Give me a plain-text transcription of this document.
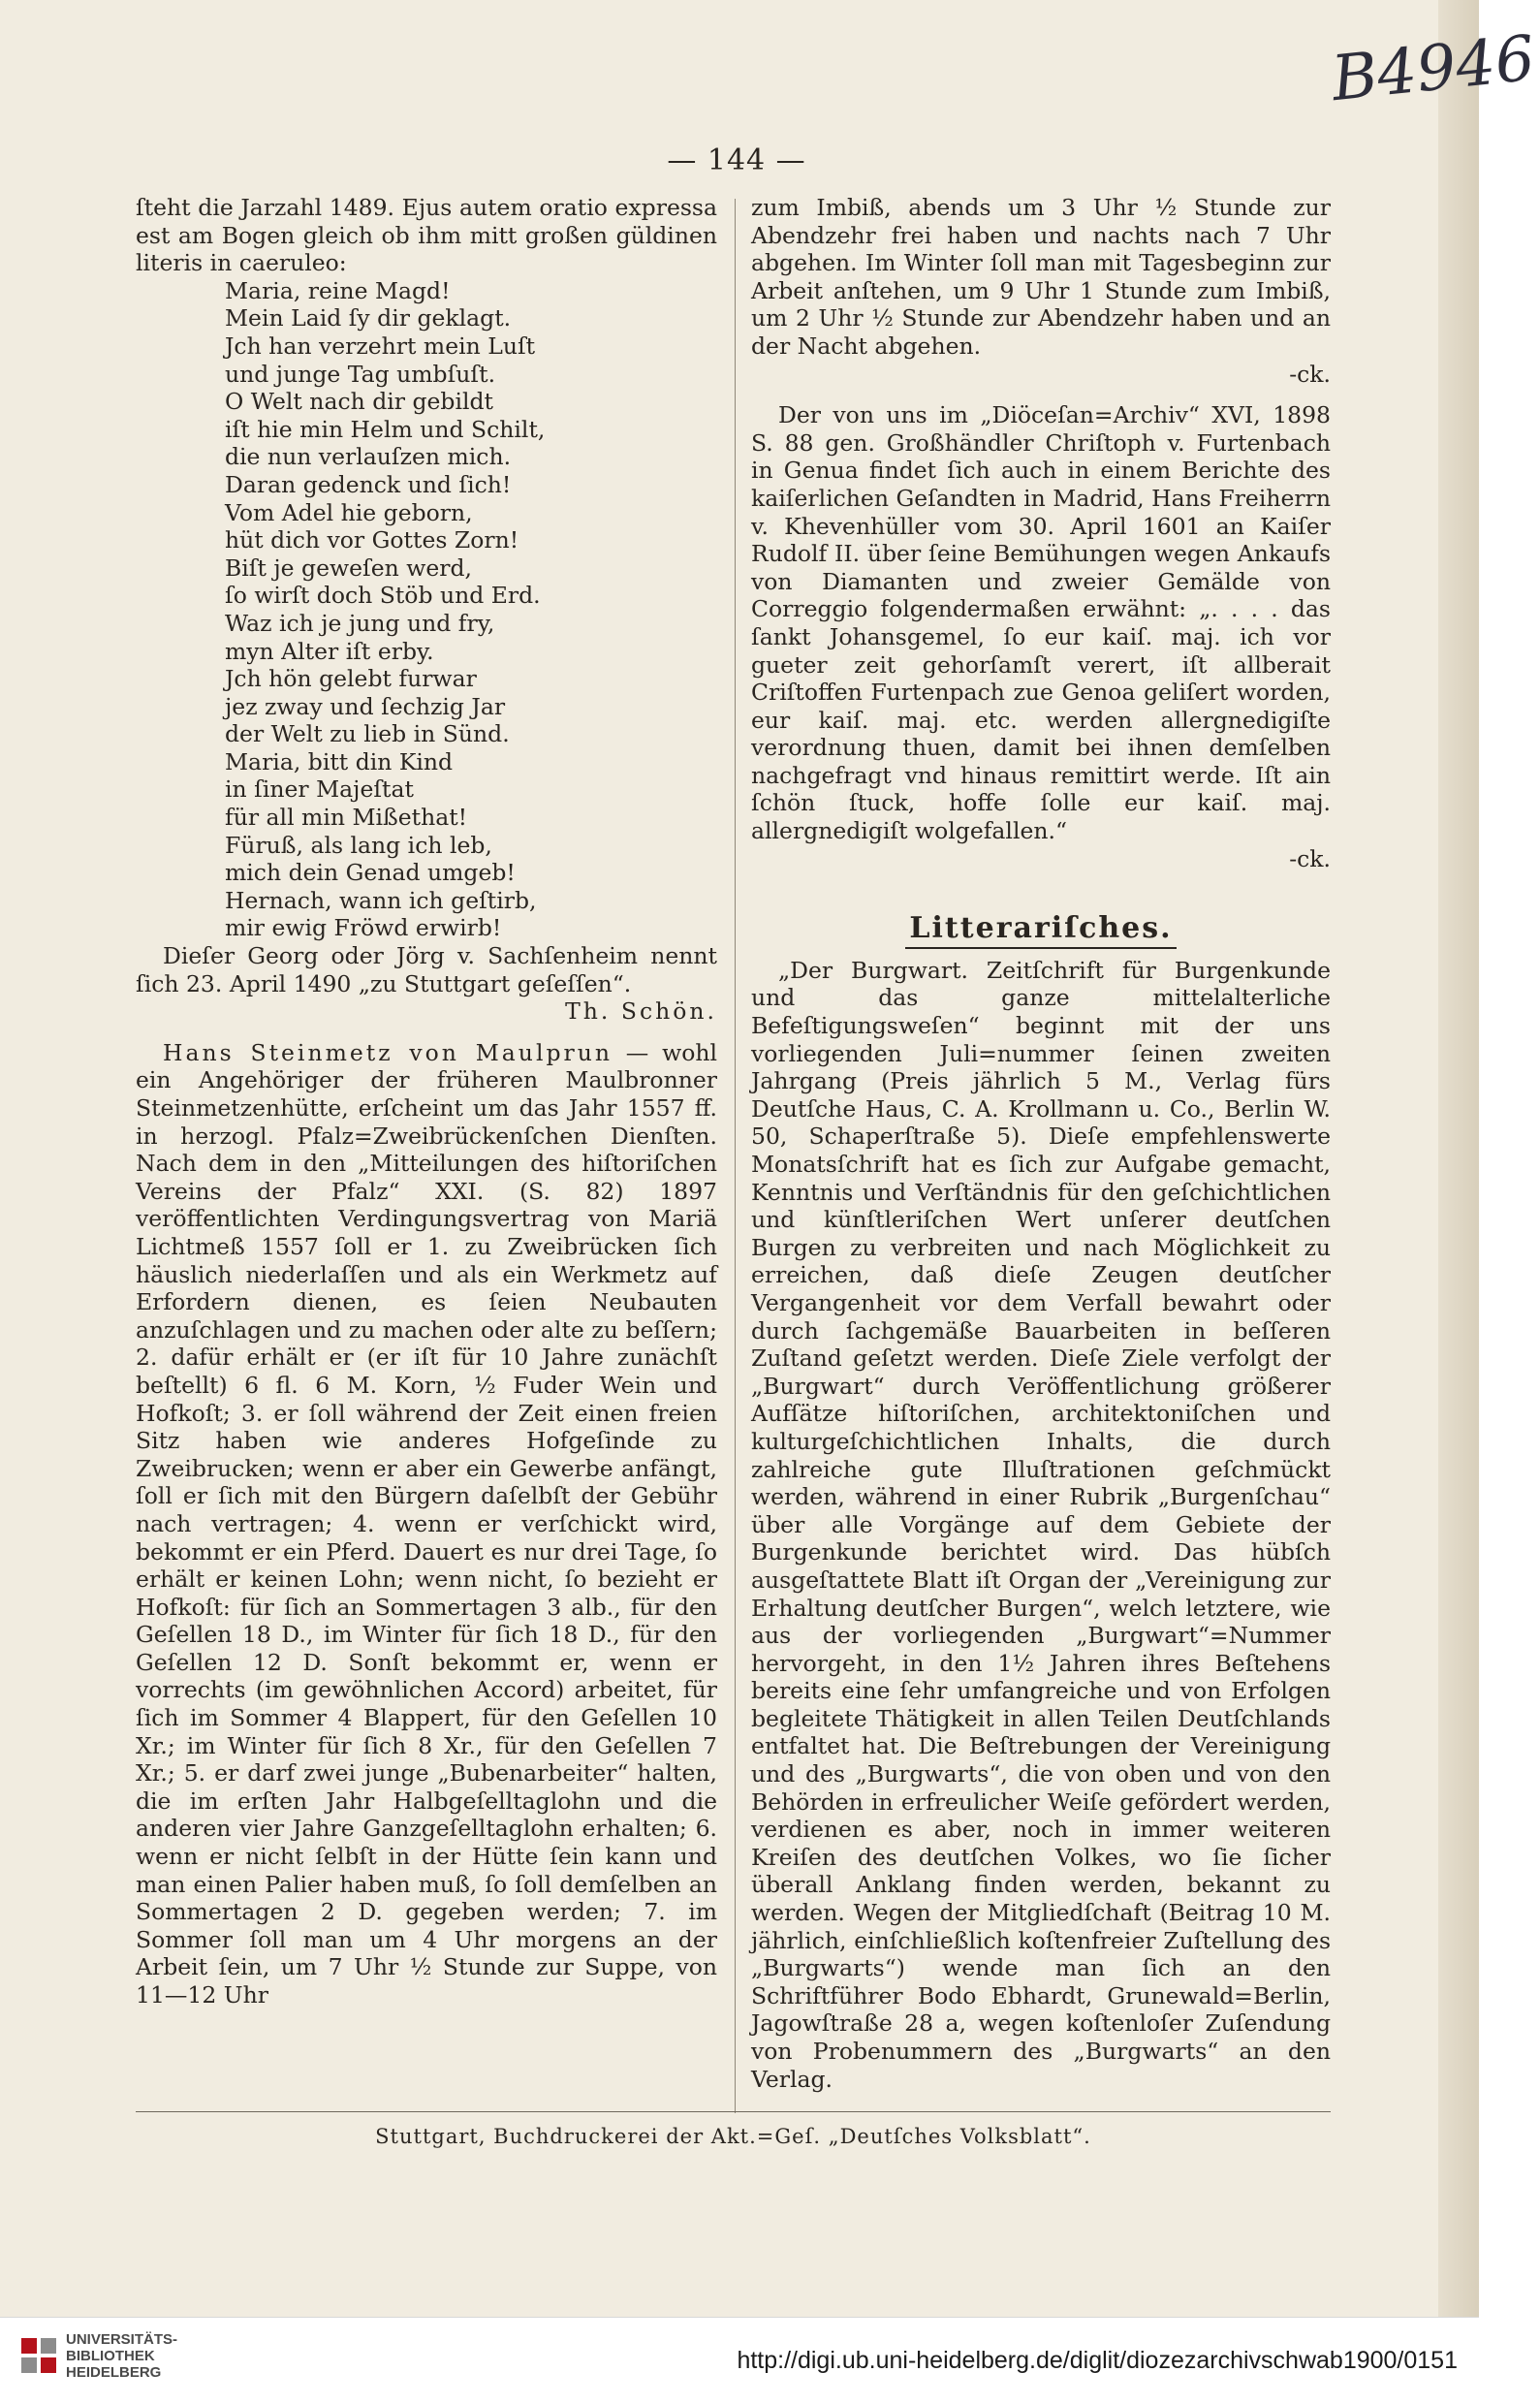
B4946
— 144 —

ſteht die Jarzahl 1489. Ejus autem oratio expressa est am Bogen gleich ob ihm mitt großen güldinen literis in caeruleo:

Maria, reine Magd!
Mein Laid ſy dir geklagt.
Jch han verzehrt mein Luſt
und junge Tag umbſuſt.
O Welt nach dir gebildt
iſt hie min Helm und Schilt,
die nun verlauſzen mich.
Daran gedenck und ſich!
Vom Adel hie geborn,
hüt dich vor Gottes Zorn!
Biſt je geweſen werd,
ſo wirſt doch Stöb und Erd.
Waz ich je jung und fry,
myn Alter iſt erby.
Jch hön gelebt furwar
jez zway und ſechzig Jar
der Welt zu lieb in Sünd.
Maria, bitt din Kind
in ſiner Majeſtat
für all min Mißethat!
Füruß, als lang ich leb,
mich dein Genad umgeb!
Hernach, wann ich geſtirb,
mir ewig Fröwd erwirb!

Dieſer Georg oder Jörg v. Sachſenheim nennt ſich 23. April 1490 „zu Stuttgart geſeſſen“.

Th. Schön.

Hans Steinmetz von Maulprun — wohl ein Angehöriger der früheren Maulbronner Steinmetzenhütte, erſcheint um das Jahr 1557 ff. in herzogl. Pfalz=Zweibrückenſchen Dienſten. Nach dem in den „Mitteilungen des hiſtoriſchen Vereins der Pfalz“ XXI. (S. 82) 1897 veröffentlichten Verdingungsvertrag von Mariä Lichtmeß 1557 ſoll er 1. zu Zweibrücken ſich häuslich niederlaſſen und als ein Werkmetz auf Erfordern dienen, es ſeien Neubauten anzuſchlagen und zu machen oder alte zu beſſern; 2. dafür erhält er (er iſt für 10 Jahre zunächſt beſtellt) 6 fl. 6 M. Korn, ½ Fuder Wein und Hofkoſt; 3. er ſoll während der Zeit einen freien Sitz haben wie anderes Hofgeſinde zu Zweibrucken; wenn er aber ein Gewerbe anfängt, ſoll er ſich mit den Bürgern daſelbſt der Gebühr nach vertragen; 4. wenn er verſchickt wird, bekommt er ein Pferd. Dauert es nur drei Tage, ſo erhält er keinen Lohn; wenn nicht, ſo bezieht er Hofkoſt: für ſich an Sommertagen 3 alb., für den Geſellen 18 D., im Winter für ſich 18 D., für den Geſellen 12 D. Sonſt bekommt er, wenn er vorrechts (im gewöhnlichen Accord) arbeitet, für ſich im Sommer 4 Blappert, für den Geſellen 10 Xr.; im Winter für ſich 8 Xr., für den Geſellen 7 Xr.; 5. er darf zwei junge „Bubenarbeiter“ halten, die im erſten Jahr Halbgeſelltaglohn und die anderen vier Jahre Ganzgeſelltaglohn erhalten; 6. wenn er nicht ſelbſt in der Hütte ſein kann und man einen Palier haben muß, ſo ſoll demſelben an Sommertagen 2 D. gegeben werden; 7. im Sommer ſoll man um 4 Uhr morgens an der Arbeit ſein, um 7 Uhr ½ Stunde zur Suppe, von 11—12 Uhr

zum Imbiß, abends um 3 Uhr ½ Stunde zur Abendzehr frei haben und nachts nach 7 Uhr abgehen. Im Winter ſoll man mit Tagesbeginn zur Arbeit anſtehen, um 9 Uhr 1 Stunde zum Imbiß, um 2 Uhr ½ Stunde zur Abendzehr haben und an der Nacht abgehen.

-ck.

Der von uns im „Diöceſan=Archiv“ XVI, 1898 S. 88 gen. Großhändler Chriſtoph v. Furtenbach in Genua findet ſich auch in einem Berichte des kaiſerlichen Geſandten in Madrid, Hans Freiherrn v. Khevenhüller vom 30. April 1601 an Kaiſer Rudolf II. über ſeine Bemühungen wegen Ankaufs von Diamanten und zweier Gemälde von Correggio folgendermaßen erwähnt: „. . . . das ſankt Johansgemel, ſo eur kaiſ. maj. ich vor gueter zeit gehorſamſt verert, iſt allberait Criſtoffen Furtenpach zue Genoa geliſert worden, eur kaiſ. maj. etc. werden allergnedigiſte verordnung thuen, damit bei ihnen demſelben nachgefragt vnd hinaus remittirt werde. Iſt ain ſchön ſtuck, hoffe ſolle eur kaiſ. maj. allergnedigiſt wolgefallen.“

-ck.

Litterariſches.

„Der Burgwart. Zeitſchrift für Burgenkunde und das ganze mittelalterliche Befeſtigungsweſen“ beginnt mit der uns vorliegenden Juli=nummer ſeinen zweiten Jahrgang (Preis jährlich 5 M., Verlag fürs Deutſche Haus, C. A. Krollmann u. Co., Berlin W. 50, Schaperſtraße 5). Dieſe empfehlenswerte Monatsſchrift hat es ſich zur Aufgabe gemacht, Kenntnis und Verſtändnis für den geſchichtlichen und künſtleriſchen Wert unſerer deutſchen Burgen zu verbreiten und nach Möglichkeit zu erreichen, daß dieſe Zeugen deutſcher Vergangenheit vor dem Verfall bewahrt oder durch ſachgemäße Bauarbeiten in beſſeren Zuſtand geſetzt werden. Dieſe Ziele verfolgt der „Burgwart“ durch Veröffentlichung größerer Aufſätze hiſtoriſchen, architektoniſchen und kulturgeſchichtlichen Inhalts, die durch zahlreiche gute Illuſtrationen geſchmückt werden, während in einer Rubrik „Burgenſchau“ über alle Vorgänge auf dem Gebiete der Burgenkunde berichtet wird. Das hübſch ausgeſtattete Blatt iſt Organ der „Vereinigung zur Erhaltung deutſcher Burgen“, welch letztere, wie aus der vorliegenden „Burgwart“=Nummer hervorgeht, in den 1½ Jahren ihres Beſtehens bereits eine ſehr umfangreiche und von Erfolgen begleitete Thätigkeit in allen Teilen Deutſchlands entfaltet hat. Die Beſtrebungen der Vereinigung und des „Burgwarts“, die von oben und von den Behörden in erfreulicher Weiſe gefördert werden, verdienen es aber, noch in immer weiteren Kreiſen des deutſchen Volkes, wo ſie ſicher überall Anklang finden werden, bekannt zu werden. Wegen der Mitgliedſchaft (Beitrag 10 M. jährlich, einſchließlich koſtenfreier Zuſtellung des „Burgwarts“) wende man ſich an den Schriftführer Bodo Ebhardt, Grunewald=Berlin, Jagowſtraße 28 a, wegen koſtenloſer Zuſendung von Probenummern des „Burgwarts“ an den Verlag.

Stuttgart, Buchdruckerei der Akt.=Geſ. „Deutſches Volksblatt“.
UNIVERSITÄTS-
BIBLIOTHEK
HEIDELBERG	http://digi.ub.uni-heidelberg.de/diglit/diozezarchivschwab1900/0151
